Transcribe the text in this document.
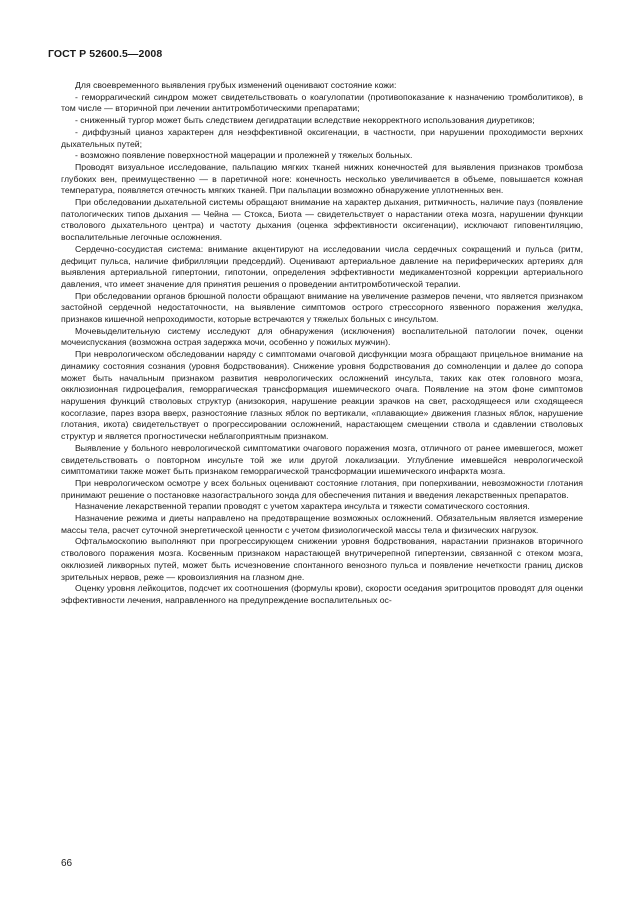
ГОСТ Р 52600.5—2008

Для своевременного выявления грубых изменений оценивают состояние кожи:

- геморрагический синдром может свидетельствовать о коагулопатии (противопоказание к назначению тромболитиков), в том числе — вторичной при лечении антитромботическими препаратами;

- сниженный тургор может быть следствием дегидратации вследствие некорректного использования диуретиков;

- диффузный цианоз характерен для неэффективной оксигенации, в частности, при нарушении проходимости верхних дыхательных путей;

- возможно появление поверхностной мацерации и пролежней у тяжелых больных.

Проводят визуальное исследование, пальпацию мягких тканей нижних конечностей для выявления признаков тромбоза глубоких вен, преимущественно — в паретичной ноге: конечность несколько увеличивается в объеме, повышается кожная температура, появляется отечность мягких тканей. При пальпации возможно обнаружение уплотненных вен.

При обследовании дыхательной системы обращают внимание на характер дыхания, ритмичность, наличие пауз (появление патологических типов дыхания — Чейна — Стокса, Биота — свидетельствует о нарастании отека мозга, нарушении функции стволового дыхательного центра) и частоту дыхания (оценка эффективности оксигенации), исключают гиповентиляцию, воспалительные легочные осложнения.

Сердечно-сосудистая система: внимание акцентируют на исследовании числа сердечных сокращений и пульса (ритм, дефицит пульса, наличие фибрилляции предсердий). Оценивают артериальное давление на периферических артериях для выявления артериальной гипертонии, гипотонии, определения эффективности медикаментозной коррекции артериального давления, что имеет значение для принятия решения о проведении антитромботической терапии.

При обследовании органов брюшной полости обращают внимание на увеличение размеров печени, что является признаком застойной сердечной недостаточности, на выявление симптомов острого стрессорного язвенного поражения желудка, признаков кишечной непроходимости, которые встречаются у тяжелых больных с инсультом.

Мочевыделительную систему исследуют для обнаружения (исключения) воспалительной патологии почек, оценки мочеиспускания (возможна острая задержка мочи, особенно у пожилых мужчин).

При неврологическом обследовании наряду с симптомами очаговой дисфункции мозга обращают прицельное внимание на динамику состояния сознания (уровня бодрствования). Снижение уровня бодрствования до сомноленции и далее до сопора может быть начальным признаком развития неврологических осложнений инсульта, таких как отек головного мозга, окклюзионная гидроцефалия, геморрагическая трансформация ишемического очага. Появление на этом фоне симптомов нарушения функций стволовых структур (анизокория, нарушение реакции зрачков на свет, расходящееся или сходящееся косоглазие, парез взора вверх, разностояние глазных яблок по вертикали, «плавающие» движения глазных яблок, нарушение глотания, икота) свидетельствует о прогрессировании осложнений, нарастающем смещении ствола и сдавлении стволовых структур и является прогностически неблагоприятным признаком.

Выявление у больного неврологической симптоматики очагового поражения мозга, отличного от ранее имевшегося, может свидетельствовать о повторном инсульте той же или другой локализации. Углубление имевшейся неврологической симптоматики также может быть признаком геморрагической трансформации ишемического инфаркта мозга.

При неврологическом осмотре у всех больных оценивают состояние глотания, при поперхивании, невозможности глотания принимают решение о постановке назогастрального зонда для обеспечения питания и введения лекарственных препаратов.

Назначение лекарственной терапии проводят с учетом характера инсульта и тяжести соматического состояния.

Назначение режима и диеты направлено на предотвращение возможных осложнений. Обязательным является измерение массы тела, расчет суточной энергетической ценности с учетом физиологической массы тела и физических нагрузок.

Офтальмоскопию выполняют при прогрессирующем снижении уровня бодрствования, нарастании признаков вторичного стволового поражения мозга. Косвенным признаком нарастающей внутричерепной гипертензии, связанной с отеком мозга, окклюзией ликворных путей, может быть исчезновение спонтанного венозного пульса и появление нечеткости границ дисков зрительных нервов, реже — кровоизлияния на глазном дне.

Оценку уровня лейкоцитов, подсчет их соотношения (формулы крови), скорости оседания эритроцитов проводят для оценки эффективности лечения, направленного на предупреждение воспалительных ос-

66
